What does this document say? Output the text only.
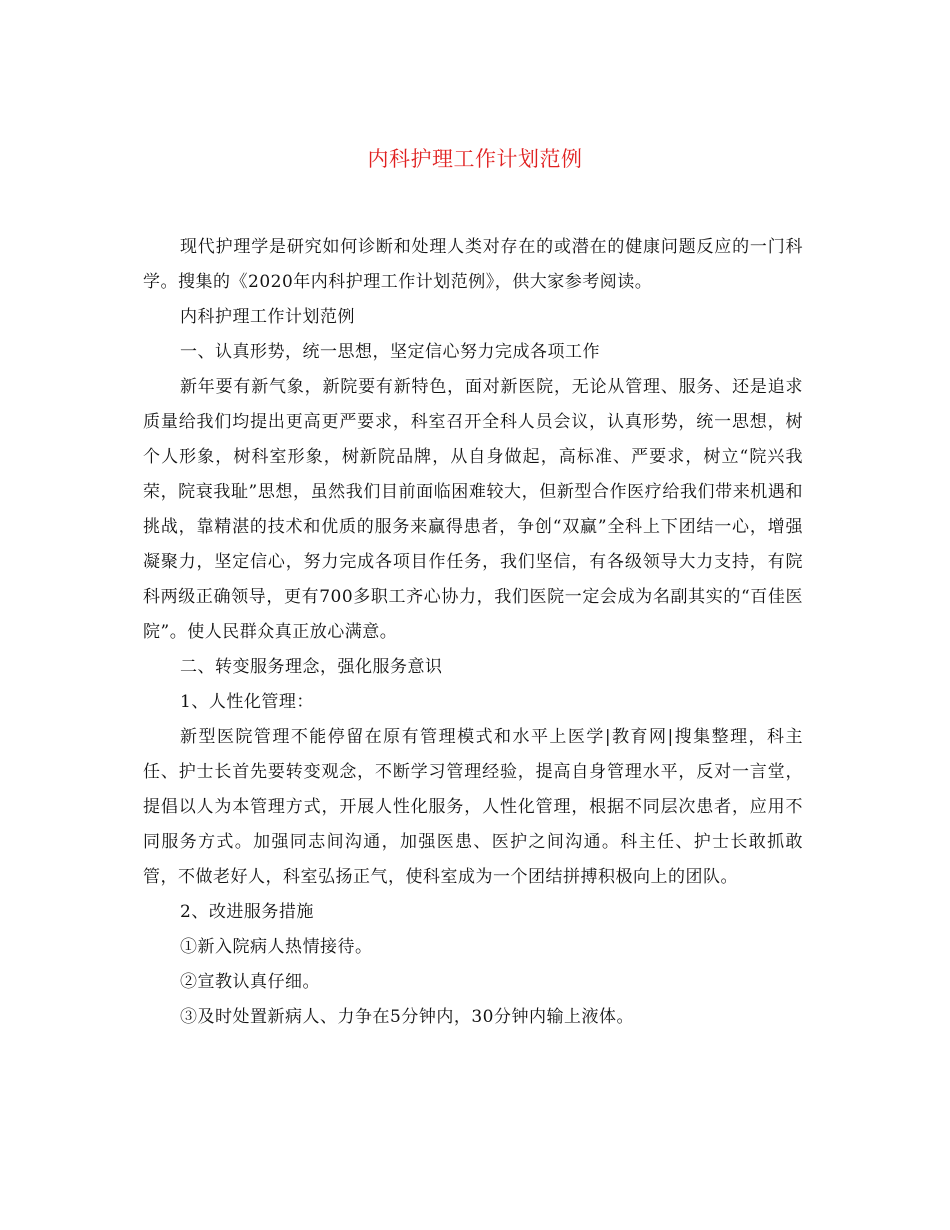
内科护理工作计划范例

现代护理学是研究如何诊断和处理人类对存在的或潜在的健康问题反应的一门科学。搜集的《2020年内科护理工作计划范例》，供大家参考阅读。

内科护理工作计划范例

一、认真形势，统一思想，坚定信心努力完成各项工作

新年要有新气象，新院要有新特色，面对新医院，无论从管理、服务、还是追求质量给我们均提出更高更严要求，科室召开全科人员会议，认真形势，统一思想，树个人形象，树科室形象，树新院品牌，从自身做起，高标准、严要求，树立“院兴我荣，院衰我耻”思想，虽然我们目前面临困难较大，但新型合作医疗给我们带来机遇和挑战，靠精湛的技术和优质的服务来赢得患者，争创“双赢”全科上下团结一心，增强凝聚力，坚定信心，努力完成各项目作任务，我们坚信，有各级领导大力支持，有院科两级正确领导，更有700多职工齐心协力，我们医院一定会成为名副其实的“百佳医院”。使人民群众真正放心满意。

二、转变服务理念，强化服务意识

1、人性化管理：

新型医院管理不能停留在原有管理模式和水平上医学|教育网|搜集整理，科主任、护士长首先要转变观念，不断学习管理经验，提高自身管理水平，反对一言堂，提倡以人为本管理方式，开展人性化服务，人性化管理，根据不同层次患者，应用不同服务方式。加强同志间沟通，加强医患、医护之间沟通。科主任、护士长敢抓敢管，不做老好人，科室弘扬正气，使科室成为一个团结拼搏积极向上的团队。

2、改进服务措施

①新入院病人热情接待。

②宣教认真仔细。

③及时处置新病人、力争在5分钟内，30分钟内输上液体。
